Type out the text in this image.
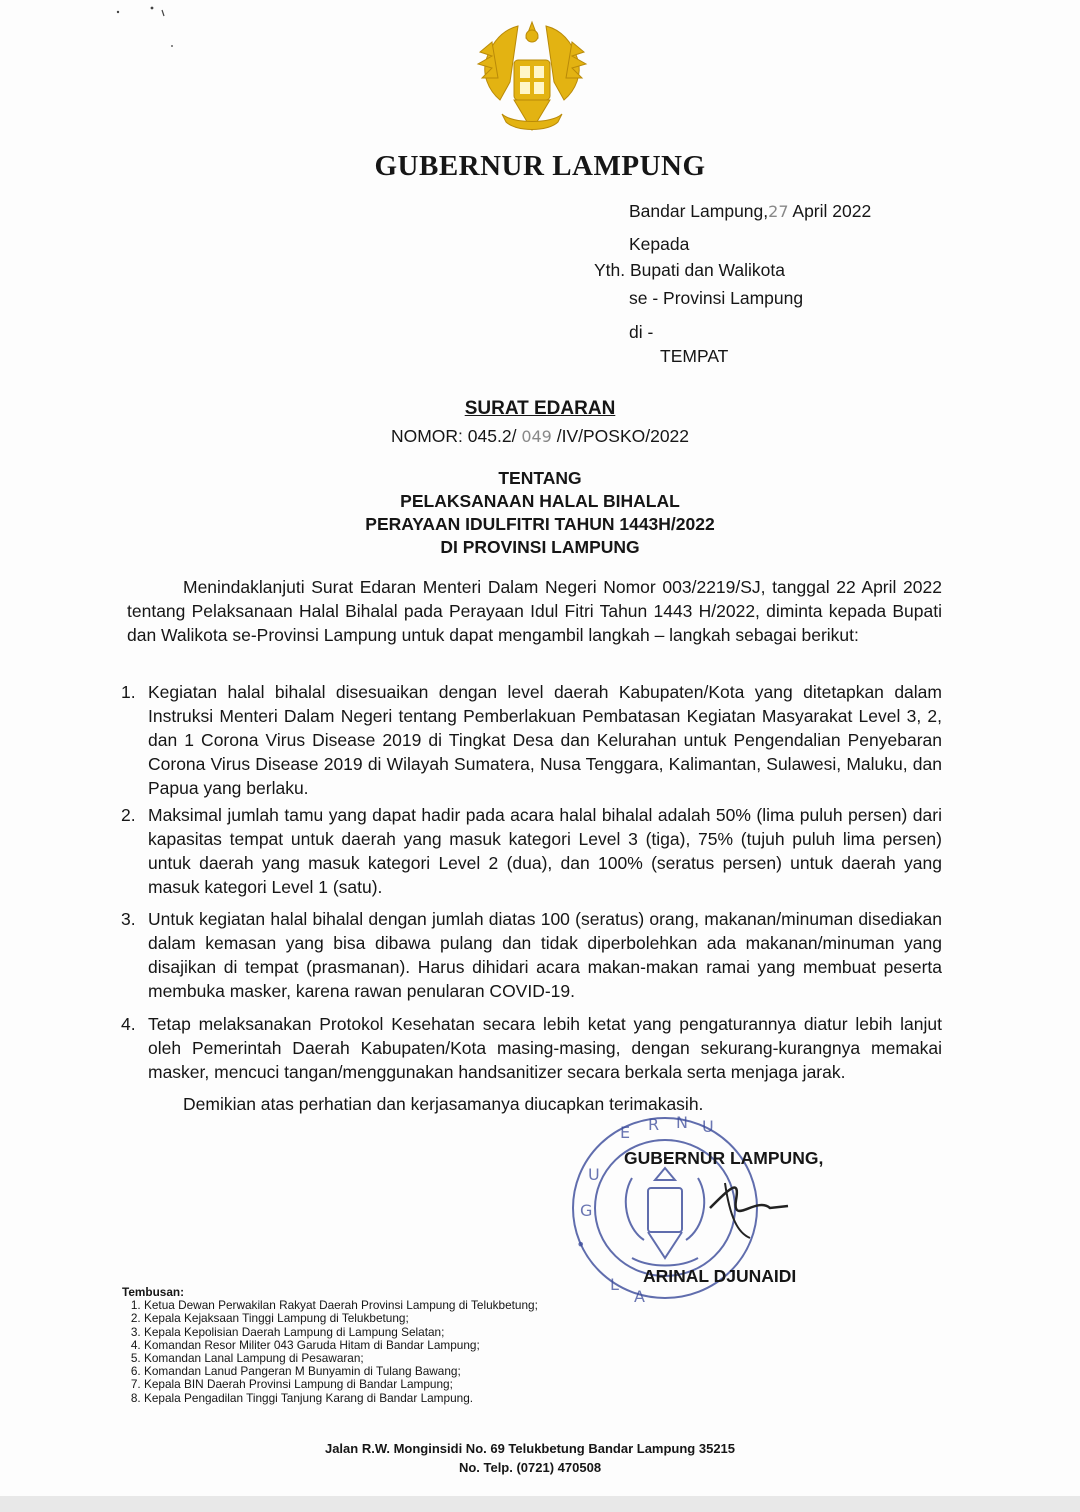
GUBERNUR LAMPUNG
Bandar Lampung,27 April 2022
Kepada
Yth. Bupati dan Walikota
se - Provinsi Lampung
di -
TEMPAT
SURAT EDARAN
NOMOR: 045.2/ 049 /IV/POSKO/2022
TENTANG
PELAKSANAAN HALAL BIHALAL
PERAYAAN IDULFITRI TAHUN 1443H/2022
DI PROVINSI LAMPUNG
Menindaklanjuti Surat Edaran Menteri Dalam Negeri Nomor 003/2219/SJ, tanggal 22 April 2022 tentang Pelaksanaan Halal Bihalal pada Perayaan Idul Fitri Tahun 1443 H/2022, diminta kepada Bupati dan Walikota se-Provinsi Lampung untuk dapat mengambil langkah – langkah sebagai berikut:
1. Kegiatan halal bihalal disesuaikan dengan level daerah Kabupaten/Kota yang ditetapkan dalam Instruksi Menteri Dalam Negeri tentang Pemberlakuan Pembatasan Kegiatan Masyarakat Level 3, 2, dan 1 Corona Virus Disease 2019 di Tingkat Desa dan Kelurahan untuk Pengendalian Penyebaran Corona Virus Disease 2019 di Wilayah Sumatera, Nusa Tenggara, Kalimantan, Sulawesi, Maluku, dan Papua yang berlaku.
2. Maksimal jumlah tamu yang dapat hadir pada acara halal bihalal adalah 50% (lima puluh persen) dari kapasitas tempat untuk daerah yang masuk kategori Level 3 (tiga), 75% (tujuh puluh lima persen) untuk daerah yang masuk kategori Level 2 (dua), dan 100% (seratus persen) untuk daerah yang masuk kategori Level 1 (satu).
3. Untuk kegiatan halal bihalal dengan jumlah diatas 100 (seratus) orang, makanan/minuman disediakan dalam kemasan yang bisa dibawa pulang dan tidak diperbolehkan ada makanan/minuman yang disajikan di tempat (prasmanan). Harus dihidari acara makan-makan ramai yang membuat peserta membuka masker, karena rawan penularan COVID-19.
4. Tetap melaksanakan Protokol Kesehatan secara lebih ketat yang pengaturannya diatur lebih lanjut oleh Pemerintah Daerah Kabupaten/Kota masing-masing, dengan sekurang-kurangnya memakai masker, mencuci tangan/menggunakan handsanitizer secara berkala serta menjaga jarak.
Demikian atas perhatian dan kerjasamanya diucapkan terimakasih.
E R N U
U
G
•
L
A
GUBERNUR LAMPUNG,
ARINAL DJUNAIDI
Tembusan:
1. Ketua Dewan Perwakilan Rakyat Daerah Provinsi Lampung di Telukbetung;
2. Kepala Kejaksaan Tinggi Lampung di Telukbetung;
3. Kepala Kepolisian Daerah Lampung di Lampung Selatan;
4. Komandan Resor Militer 043 Garuda Hitam di Bandar Lampung;
5. Komandan Lanal Lampung di Pesawaran;
6. Komandan Lanud Pangeran M Bunyamin di Tulang Bawang;
7. Kepala BIN Daerah Provinsi Lampung di Bandar Lampung;
8. Kepala Pengadilan Tinggi Tanjung Karang di Bandar Lampung.
Jalan R.W. Monginsidi No. 69 Telukbetung Bandar Lampung 35215
No. Telp. (0721) 470508
